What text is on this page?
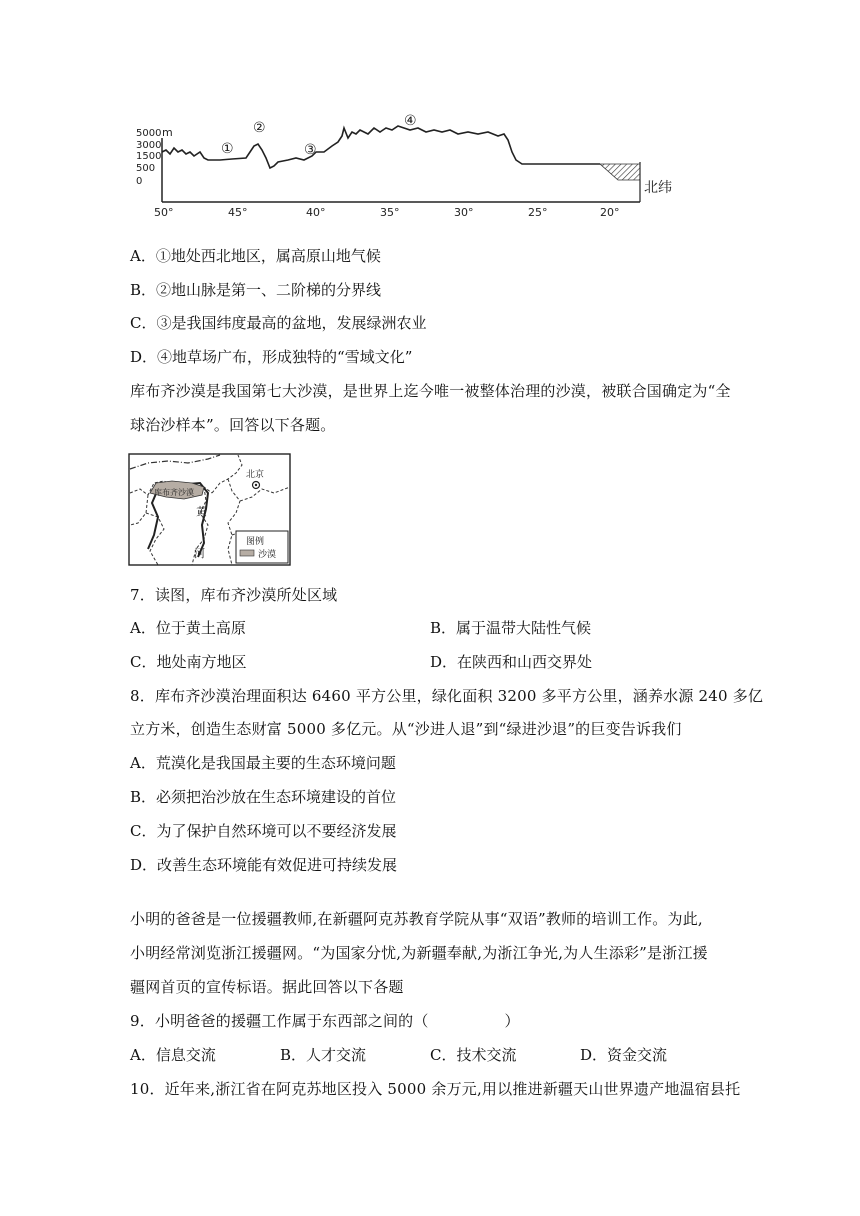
5000 m
3000
1500
500
0
①
②
③
④
50°	45°	40°	35°	30°	25°	20°
北纬
A．①地处西北地区，属高原山地气候
B．②地山脉是第一、二阶梯的分界线
C．③是我国纬度最高的盆地，发展绿洲农业
D．④地草场广布，形成独特的“雪域文化”
库布齐沙漠是我国第七大沙漠，是世界上迄今唯一被整体治理的沙漠，被联合国确定为“全
球治沙样本”。回答以下各题。
库布齐沙漠
北京
黄
河
图例
沙漠
7．读图，库布齐沙漠所处区域
A．位于黄土高原	B．属于温带大陆性气候
C．地处南方地区	D．在陕西和山西交界处
8．库布齐沙漠治理面积达 6460 平方公里，绿化面积 3200 多平方公里，涵养水源 240 多亿
立方米，创造生态财富 5000 多亿元。从“沙进人退”到“绿进沙退”的巨变告诉我们
A．荒漠化是我国最主要的生态环境问题
B．必须把治沙放在生态环境建设的首位
C．为了保护自然环境可以不要经济发展
D．改善生态环境能有效促进可持续发展
小明的爸爸是一位援疆教师,在新疆阿克苏教育学院从事“双语”教师的培训工作。为此,
小明经常浏览浙江援疆网。“为国家分忧,为新疆奉献,为浙江争光,为人生添彩”是浙江援
疆网首页的宣传标语。据此回答以下各题
9．小明爸爸的援疆工作属于东西部之间的（　　　　　）
A．信息交流	B．人才交流	C．技术交流	D．资金交流
10．近年来,浙江省在阿克苏地区投入 5000 余万元,用以推进新疆天山世界遗产地温宿县托
